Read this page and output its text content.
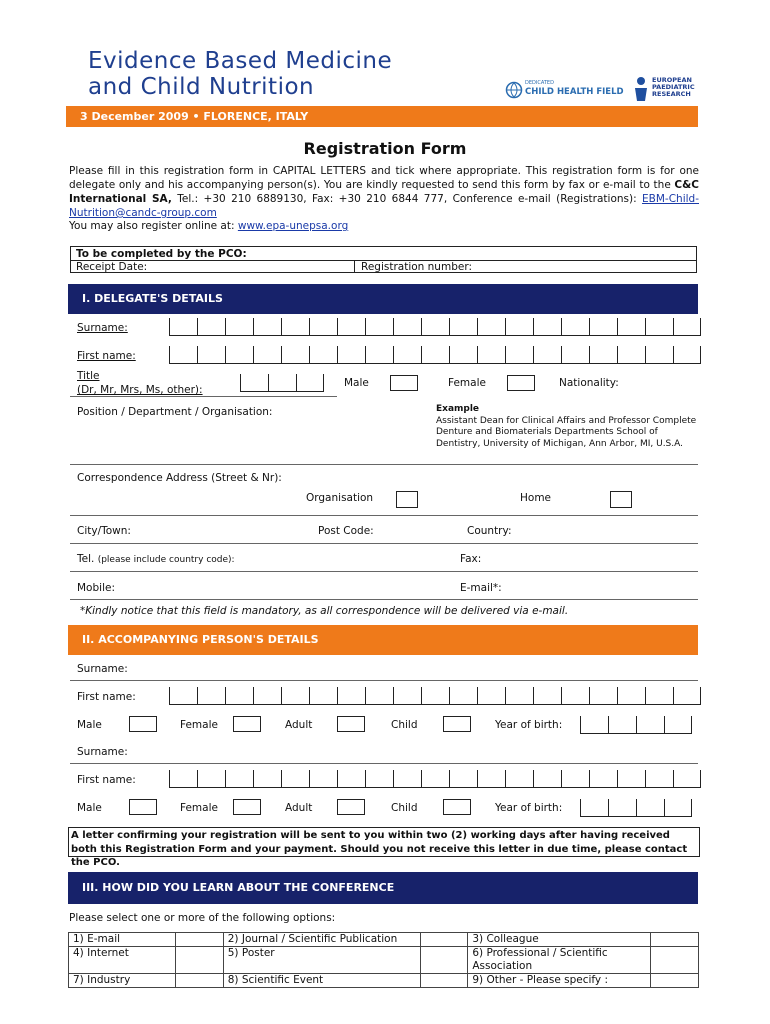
Evidence Based Medicine
and Child Nutrition	DEDICATED
CHILD HEALTH FIELD
EUROPEAN
PAEDIATRIC
RESEARCH
3 December 2009 • FLORENCE, ITALY
Registration Form
Please fill in this registration form in CAPITAL LETTERS and tick where appropriate. This registration form is for one delegate only and his accompanying person(s). You are kindly requested to send this form by fax or e-mail to the C&C International SA, Tel.: +30 210 6889130, Fax: +30 210 6844 777, Conference e-mail (Registrations): EBM-Child-Nutrition@candc-group.com
You may also register online at: www.epa-unepsa.org
To be completed by the PCO:
Receipt Date:	Registration number:
I. DELEGATE'S DETAILS
Surname:
First name:
Title
(Dr, Mr, Mrs, Ms, other):
Male	Female	Nationality:
Position / Department / Organisation:	Example
Assistant Dean for Clinical Affairs and Professor Complete Denture and Biomaterials Departments School of Dentistry, University of Michigan, Ann Arbor, MI, U.S.A.
Correspondence Address (Street & Nr):
Organisation	Home
City/Town:	Post Code:	Country:
Tel. (please include country code):	Fax:
Mobile:	E-mail*:
*Kindly notice that this field is mandatory, as all correspondence will be delivered via e-mail.
II. ACCOMPANYING PERSON'S DETAILS
Surname:
First name:
Male	Female	Adult	Child	Year of birth:
Surname:
First name:
Male	Female	Adult	Child	Year of birth:
A letter confirming your registration will be sent to you within two (2) working days after having received both this Registration Form and your payment. Should you not receive this letter in due time, please contact the PCO.
III. HOW DID YOU LEARN ABOUT THE CONFERENCE
Please select one or more of the following options:
1) E-mail		2) Journal / Scientific Publication		3) Colleague	
4) Internet		5) Poster		6) Professional / Scientific Association	
7) Industry		8) Scientific Event		9) Other - Please specify :	
